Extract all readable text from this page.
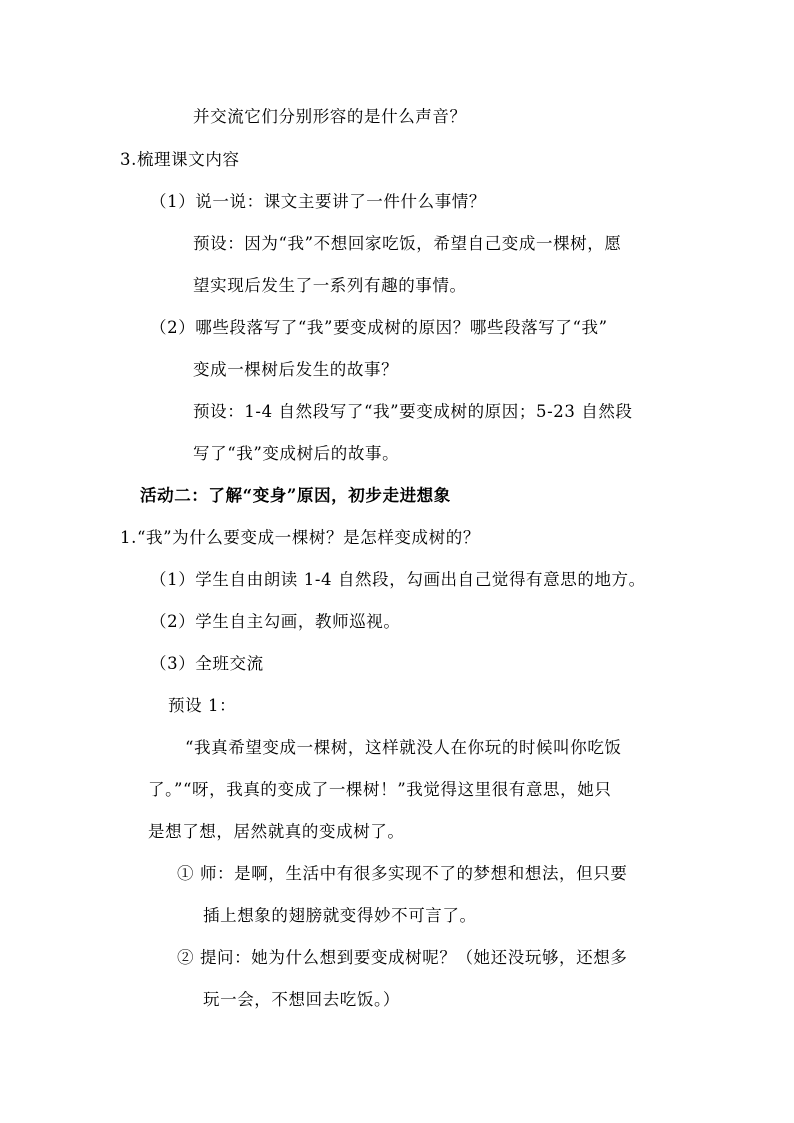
并交流它们分别形容的是什么声音？
3.梳理课文内容
（1）说一说：课文主要讲了一件什么事情？
预设：因为“我”不想回家吃饭，希望自己变成一棵树，愿
望实现后发生了一系列有趣的事情。
（2）哪些段落写了“我”要变成树的原因？哪些段落写了“我”
变成一棵树后发生的故事？
预设：1-4 自然段写了“我”要变成树的原因；5-23 自然段
写了“我”变成树后的故事。
活动二：了解“变身”原因，初步走进想象
1.“我”为什么要变成一棵树？是怎样变成树的？
（1）学生自由朗读 1-4 自然段，勾画出自己觉得有意思的地方。
（2）学生自主勾画，教师巡视。
（3）全班交流
预设 1：
“我真希望变成一棵树，这样就没人在你玩的时候叫你吃饭
了。”“呀，我真的变成了一棵树！”我觉得这里很有意思，她只
是想了想，居然就真的变成树了。
① 师：是啊，生活中有很多实现不了的梦想和想法，但只要
插上想象的翅膀就变得妙不可言了。
② 提问：她为什么想到要变成树呢？（她还没玩够，还想多
玩一会，不想回去吃饭。）
